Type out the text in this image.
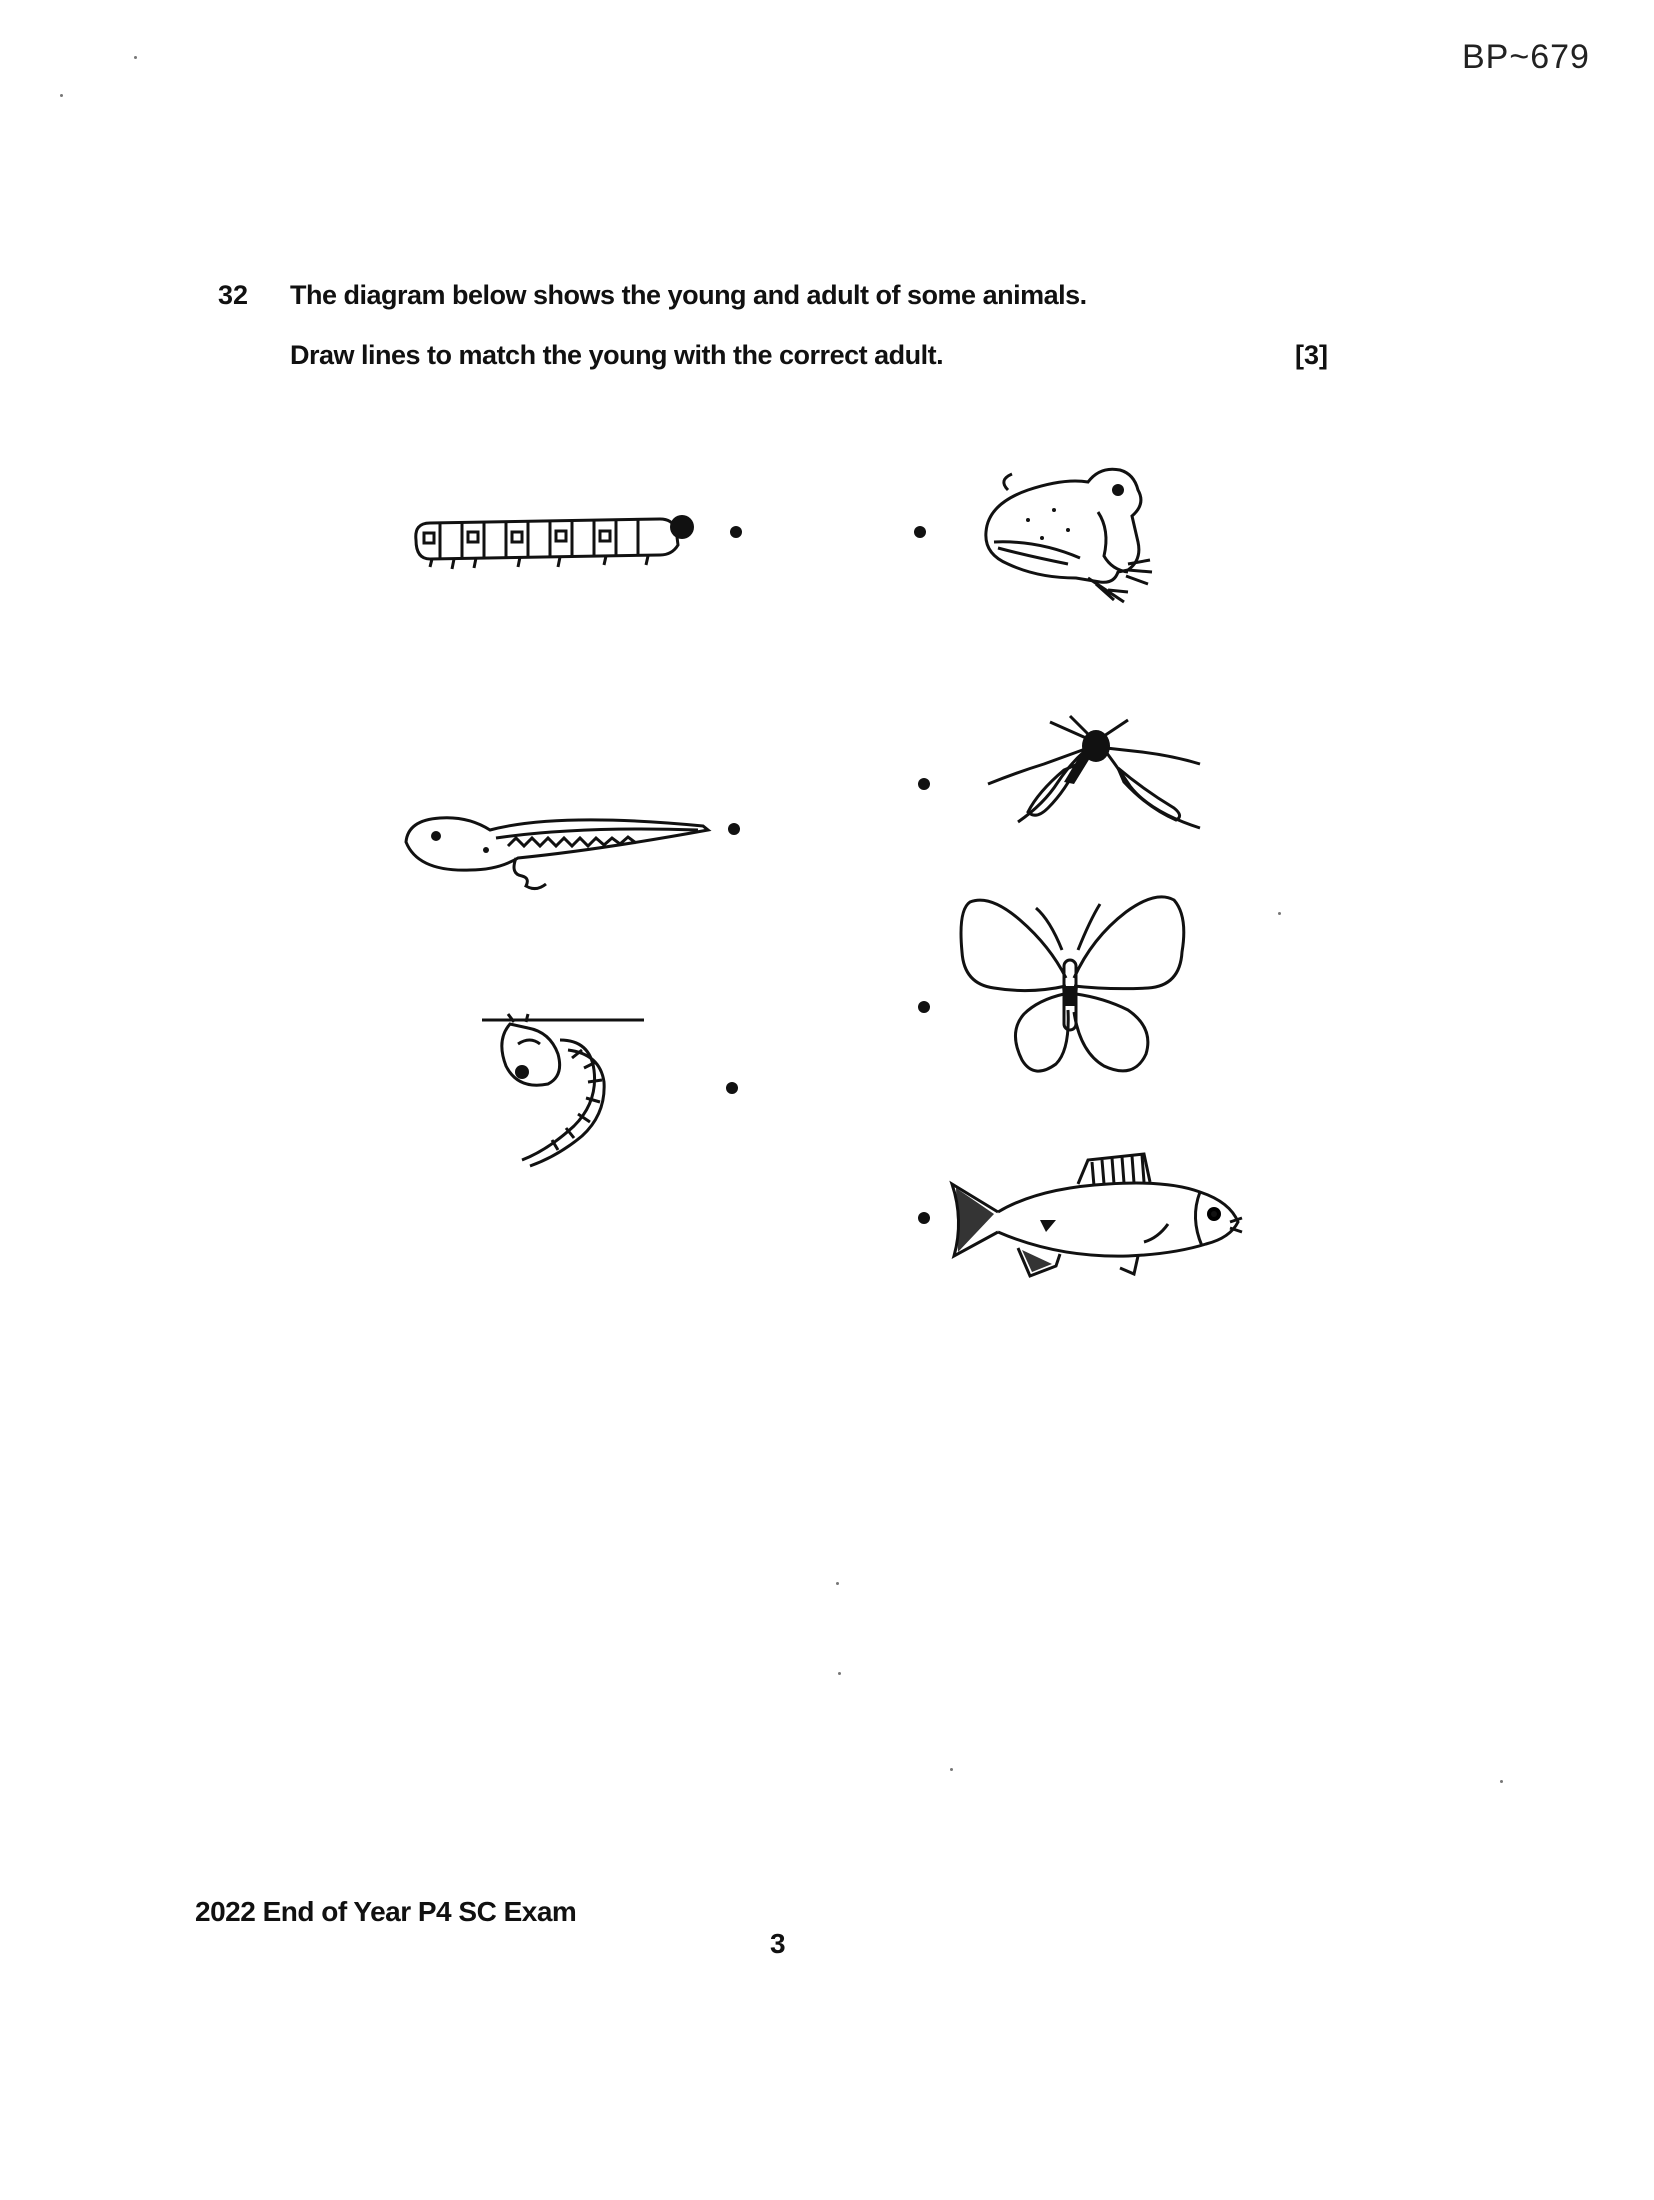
BP~679
32 The diagram below shows the young and adult of some animals.
Draw lines to match the young with the correct adult.	[3]
2022 End of Year P4 SC Exam
3
